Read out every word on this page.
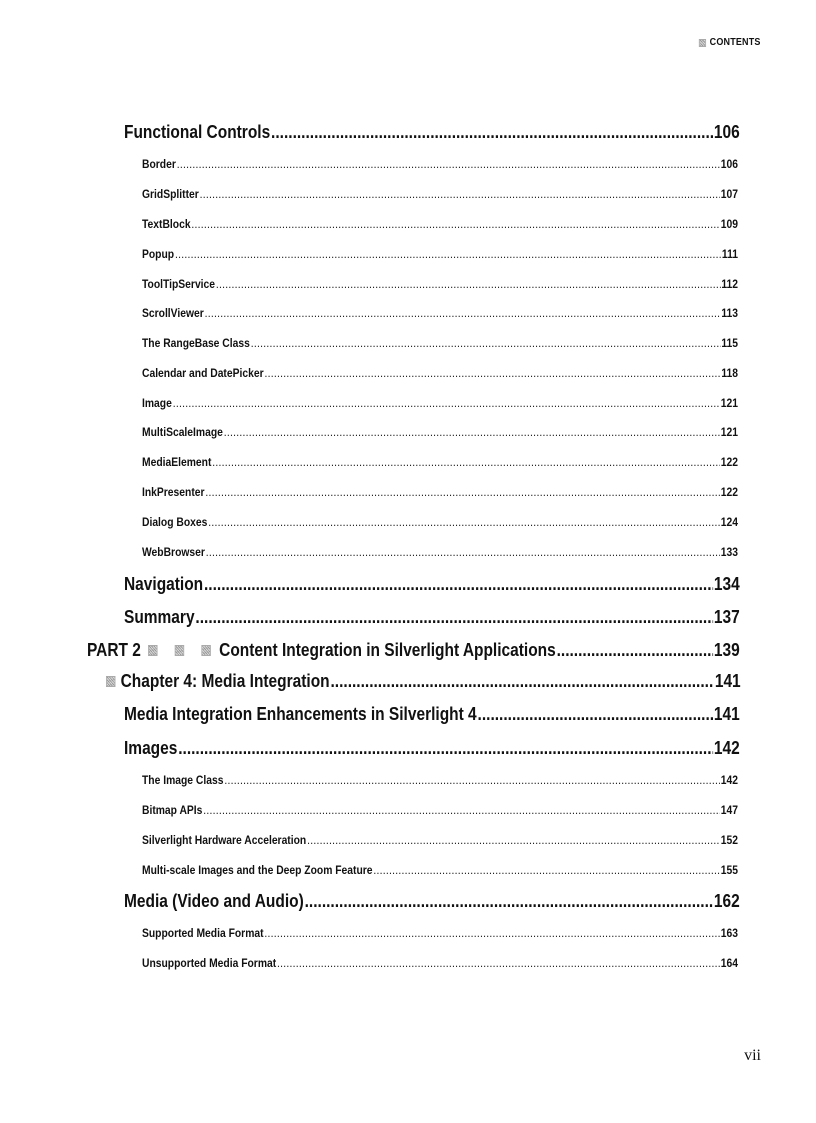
CONTENTS
Functional Controls .....	106
Border .....	106
GridSplitter .....	107
TextBlock .....	109
Popup .....	111
ToolTipService .....	112
ScrollViewer .....	113
The RangeBase Class .....	115
Calendar and DatePicker .....	118
Image .....	121
MultiScaleImage .....	121
MediaElement .....	122
InkPresenter .....	122
Dialog Boxes .....	124
WebBrowser .....	133
Navigation .....	134
Summary .....	137
PART 2	Content Integration in Silverlight Applications .....	139
Chapter 4: Media Integration .....	141
Media Integration Enhancements in Silverlight 4 .....	141
Images .....	142
The Image Class .....	142
Bitmap APIs .....	147
Silverlight Hardware Acceleration .....	152
Multi-scale Images and the Deep Zoom Feature .....	155
Media (Video and Audio) .....	162
Supported Media Format .....	163
Unsupported Media Format .....	164
vii
